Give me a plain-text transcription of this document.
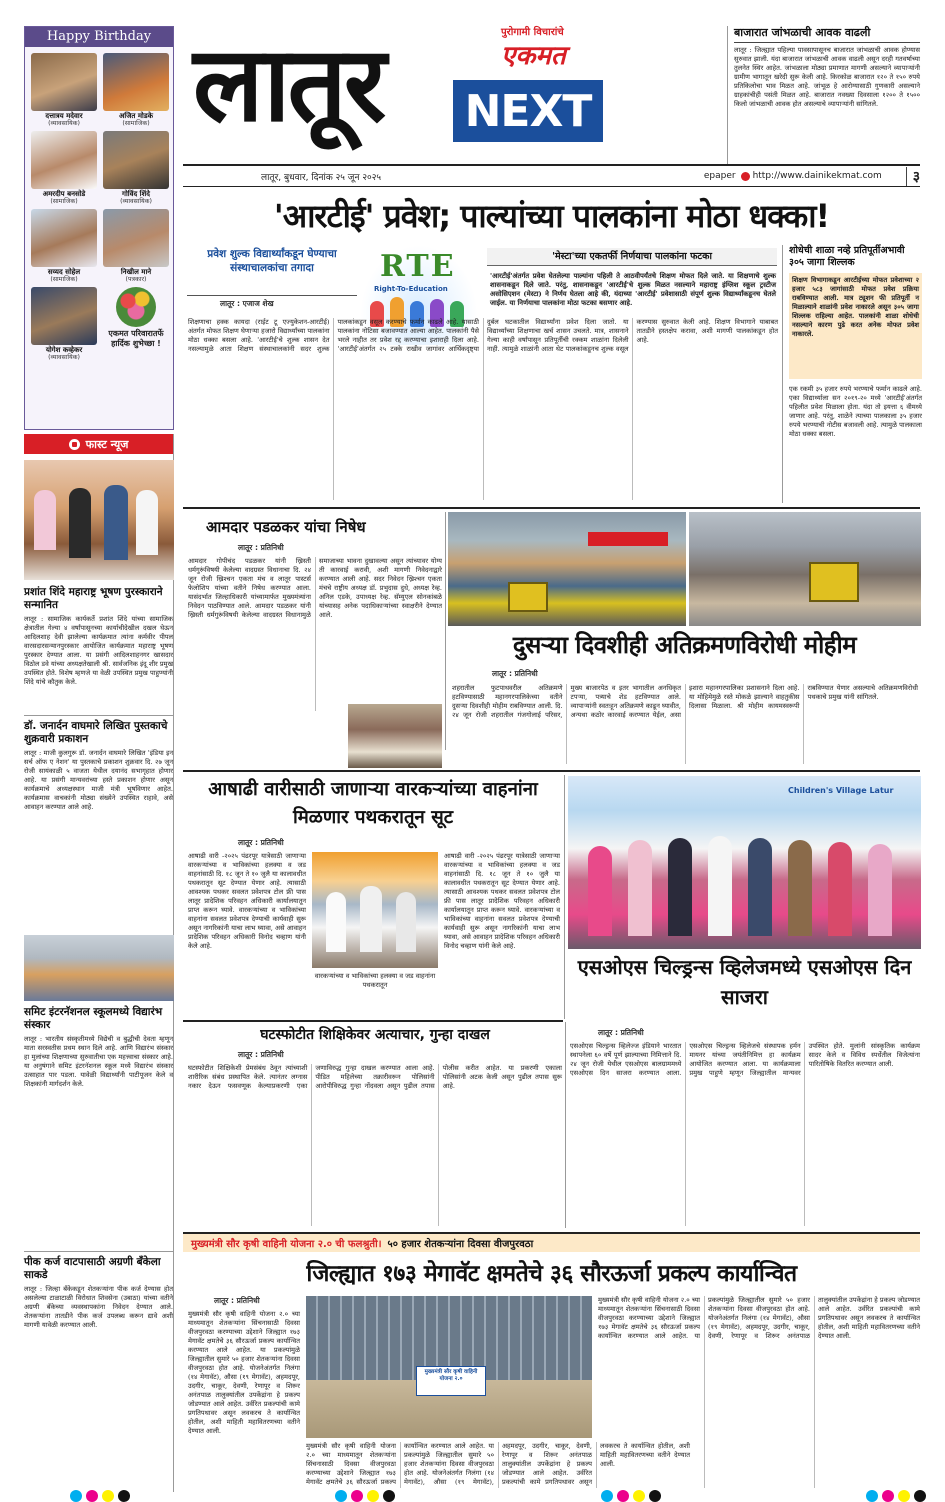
Happy Birthday
दत्तात्रय मदेवार
(व्यावसायिक)
अजित मोडके
(सामाजिक)
अमरदीप बनसोडे
(सामाजिक)
गोविंद शिंदे
(व्यावसायिक)
सय्यद सोहेल
(सामाजिक)
निखील माने
(पत्रकार)
योगेश कव्हेकर
(व्यावसायिक)
एकमत परिवारातर्फे हार्दिक शुभेच्छा !
फास्ट न्यूज
प्रशांत शिंदे महाराष्ट्र भूषण पुरस्काराने सन्मानित
लातूर : सामाजिक कार्यकर्ते प्रशांत शिंदे यांच्या सामाजिक क्षेत्रातील गेल्या ४ वर्षांपासूनच्या कार्याचीदेखील दखल घेऊन आदिलशाह देवी झालेल्या कार्यक्रमात त्यांना कर्मवीर पीपल वारसदारसन्मानपुरस्कार आयोजित कार्यक्रमात महाराष्ट्र भूषण पुरस्कार देण्यात आला. या प्रसंगी आदिलशाहनगर खासदार विठोल डवे यांच्या अध्यक्षतेखाली श्री. सार्वजनिक इंदू शीर प्रमुख उपस्थित होते. विशेष म्हणजे या वेळी उपस्थित प्रमुख पाहुण्यांनी शिंदे यांचे कौतुक केले.
डॉ. जनार्दन वाघमारे लिखित पुस्तकाचे शुक्रवारी प्रकाशन
लातूर : माजी कुलगुरू डॉ. जनार्दन वाघमारे लिखित 'इंडिया इन सर्च ऑफ ए नेशन' या पुस्तकाचे प्रकाशन शुक्रवार दि. २७ जून रोजी सायंकाळी ५ वाजता येथील दयानंद सभागृहात होणार आहे. या प्रसंगी मान्यवरांच्या हस्ते प्रकाशन होणार असून कार्यक्रमाचे अध्यक्षस्थान माजी मंत्री भूषविणार आहेत. कार्यक्रमास वाचकांनी मोठ्या संख्येने उपस्थित राहावे, असे आवाहन करण्यात आले आहे.
समिट इंटरनॅशनल स्कूलमध्ये विद्यारंभ संस्कार
लातूर : भारतीय संस्कृतीमध्ये विद्येची व बुद्धीची देवता म्हणून माता सरस्वतीस प्रथम स्थान दिले आहे. आणि विद्यारंभ संस्कार हा मुलांच्या शिक्षणाच्या सुरुवातीचा एक महत्त्वाचा संस्कार आहे. या अनुषंगाने समिट इंटरनॅशनल स्कूल मध्ये विद्यारंभ संस्कार उत्साहात पार पडला. यावेळी विद्यार्थ्यांनी पाटीपूजन केले व शिक्षकांनी मार्गदर्शन केले.
पीक कर्ज वाटपासाठी अग्रणी बँकेला साकडे
लातूर : जिल्हा बँकेकडून शेतकऱ्यांना पीक कर्ज देण्यास होत असलेल्या टाळाटाळी विरोधात शिवसेना (उबाठा) यांच्या वतीने अग्रणी बँकेच्या व्यवस्थापकांना निवेदन देण्यात आले. शेतकऱ्यांना तातडीने पीक कर्ज उपलब्ध करून द्यावे अशी मागणी यावेळी करण्यात आली.
लातूर NEXT
पुरोगामी विचारांचे
एकमत
बाजारात जांभळाची आवक वाढली
लातूर : जिल्ह्यात पहिल्या पावसापासूनच बाजारात जांभळाची आवक होण्यास सुरुवात झाली. यंदा बाजारात जांभळाची आवक वाढली असून दरही गतवर्षाच्या तुलनेत स्थिर आहेत. जांभळाला मोठ्या प्रमाणात मागणी असल्याने व्यापाऱ्यांनी ग्रामीण भागातून खरेदी सुरू केली आहे. किरकोळ बाजारात १२० ते १५० रुपये प्रतिकिलोचा भाव मिळत आहे. जांभूळ हे आरोग्यासाठी गुणकारी असल्याने ग्राहकांचीही पसंती मिळत आहे. बाजारात नवख्या दिवसाला १२०० ते १५०० किलो जांभळाची आवक होत असल्याचे व्यापाऱ्यांनी सांगितले.
लातूर, बुधवार, दिनांक २५ जून २०२५	epaper http://www.dainikekmat.com	३
'आरटीई' प्रवेश; पाल्यांच्या पालकांना मोठा धक्का!
प्रवेश शुल्क विद्यार्थ्यांकडून घेण्याचा संस्थाचालकांचा तगादा
लातूर : एजाज शेख
RTE
Right-To-Education
'मेस्टा'च्या एकतर्फी निर्णयाचा पालकांना फटका
'आरटीई'अंतर्गत प्रवेश घेतलेल्या पाल्यांना पहिली ते आठवीपर्यंतचे शिक्षण मोफत दिले जाते. या शिक्षणाचे शुल्क शासनाकडून दिले जाते. परंतु, शासनाकडून 'आरटीई'चे शुल्क मिळत नसल्याने महाराष्ट्र इंग्लिश स्कूल ट्रस्टीज असोसिएशन (मेस्टा) ने निर्णय घेतला आहे की, यंदाच्या 'आरटीई' प्रवेशासाठी संपूर्ण शुल्क विद्यार्थ्यांकडूनच घेतले जाईल. या निर्णयाचा पालकांना मोठा फटका बसणार आहे.
शिक्षणाचा हक्क कायदा (राईट टू एज्युकेशन-आरटीई) अंतर्गत मोफत शिक्षण घेणाऱ्या हजारो विद्यार्थ्यांच्या पालकांना मोठा धक्का बसला आहे. 'आरटीई'चे शुल्क शासन देत नसल्यामुळे आता शिक्षण संस्थाचालकांनी सदर शुल्क पालकांकडून वसूल करण्याचे फर्मान काढले आहे. यासाठी पालकांना नोटिसा बजावण्यात आल्या आहेत. पालकांनी पैसे भरले नाहीत तर प्रवेश रद्द करण्याचा इशाराही दिला आहे. 'आरटीई'अंतर्गत २५ टक्के राखीव जागांवर आर्थिकदृष्ट्या दुर्बल घटकातील विद्यार्थ्यांना प्रवेश दिला जातो. या विद्यार्थ्यांच्या शिक्षणाचा खर्च शासन उचलते. मात्र, शासनाने गेल्या काही वर्षांपासून प्रतिपूर्तीची रक्कम शाळांना दिलेली नाही. त्यामुळे शाळांनी आता थेट पालकांकडूनच शुल्क वसूल करण्यास सुरुवात केली आहे. शिक्षण विभागाने याबाबत तातडीने हस्तक्षेप करावा, अशी मागणी पालकांकडून होत आहे.
शोधेची शाळा नव्हे प्रतिपूर्तीअभावी ३०५ जागा शिल्लक
शिक्षण विभागाकडून आरटीईच्या मोफत प्रवेशाच्या २ हजार ५८३ जागांसाठी मोफत प्रवेश प्रक्रिया राबविण्यात आली. मात्र ट्यूशन फी प्रतिपूर्ती न मिळाल्याने शाळांनी प्रवेश नाकारले असून ३०५ जागा शिल्लक राहिल्या आहेत. पालकांनी शाळा शोधेची नसल्याने कारण पुढे करत अनेक मोफत प्रवेश नाकारले.
एक रकमी ३५ हजार रुपये भरण्याचे फर्मान काढले आहे. एका विद्यार्थ्याला सन २०१९-२० मध्ये 'आरटीई'अंतर्गत पहिलीत प्रवेश मिळाला होता. यंदा तो इयत्ता ६ वीमध्ये जाणार आहे. परंतु, शाळेने त्याच्या पालकाला ३५ हजार रुपये भरण्याची नोटीस बजावली आहे. त्यामुळे पालकाला मोठा धक्का बसला.
आमदार पडळकर यांचा निषेध
लातूर : प्रतिनिधी
आमदार गोपीचंद पडळकर यांनी ख्रिस्ती धर्मगुरूंविषयी केलेल्या वादग्रस्त विधानाचा दि. २४ जून रोजी ख्रिश्चन एकता मंच व लातूर पास्टर्स फेलोशिप यांच्या वतीने निषेध करण्यात आला. यासंदर्भात जिल्हाधिकारी यांच्यामार्फत मुख्यमंत्र्यांना निवेदन पाठविण्यात आले. आमदार पडळकर यांनी ख्रिस्ती धर्मगुरूंविषयी केलेल्या वादग्रस्त विधानामुळे समाजाच्या भावना दुखावल्या असून त्यांच्यावर योग्य ती कारवाई करावी, अशी मागणी निवेदनाद्वारे करण्यात आली आहे. सदर निवेदन ख्रिश्चन एकता मंचचे राष्ट्रीय अध्यक्ष डॉ. प्रभुदास दुधे, अध्यक्ष रेव्ह. अनिल एडके, उपाध्यक्ष रेव्ह. सॅम्युएल सोनकांबळे यांच्यासह अनेक पदाधिकाऱ्यांच्या स्वाक्षरीने देण्यात आले.
दुसऱ्या दिवशीही अतिक्रमणविरोधी मोहीम
लातूर : प्रतिनिधी
शहरातील फुटपाथवरील अतिक्रमणे हटविण्यासाठी महानगरपालिकेच्या वतीने दुसऱ्या दिवशीही मोहीम राबविण्यात आली. दि. २४ जून रोजी शहरातील गंजगोलाई परिसर, मुख्य बाजारपेठ व इतर भागातील अनधिकृत टपऱ्या, पत्र्याचे शेड हटविण्यात आले. व्यापाऱ्यांनी स्वतःहून अतिक्रमणे काढून घ्यावीत, अन्यथा कठोर कारवाई करण्यात येईल, असा इशारा महानगरपालिका प्रशासनाने दिला आहे. या मोहिमेमुळे रस्ते मोकळे झाल्याने वाहतुकीस दिलासा मिळाला. श्री मोहीम कायमस्वरूपी राबविण्यात येणार असल्याचे अतिक्रमणविरोधी पथकाचे प्रमुख यांनी सांगितले.
आषाढी वारीसाठी जाणाऱ्या वारकऱ्यांच्या वाहनांना मिळणार पथकरातून सूट
लातूर : प्रतिनिधी
आषाढी वारी -२०२५ पंढरपूर यात्रेसाठी जाणाऱ्या वारकऱ्यांच्या व भाविकांच्या हलक्या व जड वाहनांसाठी दि. १८ जून ते १० जुलै या कालावधीत पथकरातून सूट देण्यात येणार आहे. त्यासाठी आवश्यक पथकर सवलत प्रवेशपत्र टोल फ्री पास लातूर प्रादेशिक परिवहन अधिकारी कार्यालयातून प्राप्त करून घ्यावे. वारकऱ्यांच्या व भाविकांच्या वाहनांना सवलत प्रवेशपत्र देण्याची कार्यवाही सुरू असून नागरिकांनी याचा लाभ घ्यावा, असे आवाहन प्रादेशिक परिवहन अधिकारी विनोद चव्हाण यांनी केले आहे.
वारकऱ्यांच्या व भाविकांच्या हलक्या व जड वाहनांना पथकरातून
आषाढी वारी -२०२५ पंढरपूर यात्रेसाठी जाणाऱ्या वारकऱ्यांच्या व भाविकांच्या हलक्या व जड वाहनांसाठी दि. १८ जून ते १० जुलै या कालावधीत पथकरातून सूट देण्यात येणार आहे. त्यासाठी आवश्यक पथकर सवलत प्रवेशपत्र टोल फ्री पास लातूर प्रादेशिक परिवहन अधिकारी कार्यालयातून प्राप्त करून घ्यावे. वारकऱ्यांच्या व भाविकांच्या वाहनांना सवलत प्रवेशपत्र देण्याची कार्यवाही सुरू असून नागरिकांनी याचा लाभ घ्यावा, असे आवाहन प्रादेशिक परिवहन अधिकारी विनोद चव्हाण यांनी केले आहे.
Children's Village Latur
एसओएस चिल्ड्रन्स व्हिलेजमध्ये एसओएस दिन साजरा
घटस्फोटीत शिक्षिकेवर अत्याचार, गुन्हा दाखल
लातूर : प्रतिनिधी
घटस्फोटीत शिक्षिकेशी प्रेमसंबंध ठेवून त्यांच्याशी शारीरिक संबंध प्रस्थापित केले. त्यानंतर लग्नास नकार देऊन फसवणूक केल्याप्रकरणी एका जणाविरुद्ध गुन्हा दाखल करण्यात आला आहे. पीडित महिलेच्या तक्रारीवरून पोलिसांनी आरोपीविरुद्ध गुन्हा नोंदवला असून पुढील तपास पोलीस करीत आहेत. या प्रकरणी एकाला पोलिसांनी अटक केली असून पुढील तपास सुरू आहे.
लातूर : प्रतिनिधी
एसओएस चिल्ड्रन्स व्हिलेज्ज इंडियाने भारतात स्थापनेला ६० वर्षे पूर्ण झाल्याच्या निमित्ताने दि. २४ जून रोजी येथील एसओएस बालग्राममध्ये एसओएस दिन साजरा करण्यात आला. एसओएस चिल्ड्रन्स व्हिलेजचे संस्थापक हर्मन मायनर यांच्या जयंतीनिमित्त हा कार्यक्रम आयोजित करण्यात आला. या कार्यक्रमाला प्रमुख पाहुणे म्हणून जिल्ह्यातील मान्यवर उपस्थित होते. मुलांनी सांस्कृतिक कार्यक्रम सादर केले व विविध स्पर्धेतील विजेत्यांना पारितोषिके वितरित करण्यात आली.
मुख्यमंत्री सौर कृषी वाहिनी योजना २.० ची फलश्रुती। ५० हजार शेतकऱ्यांना दिवसा वीजपुरवठा
जिल्ह्यात १७३ मेगावॅट क्षमतेचे ३६ सौरऊर्जा प्रकल्प कार्यान्वित
लातूर : प्रतिनिधी
मुख्यमंत्री सौर कृषी वाहिनी योजना २.० च्या माध्यमातून शेतकऱ्यांना सिंचनासाठी दिवसा वीजपुरवठा करण्याच्या उद्देशाने जिल्ह्यात १७३ मेगावॅट क्षमतेचे ३६ सौरऊर्जा प्रकल्प कार्यान्वित करण्यात आले आहेत. या प्रकल्पांमुळे जिल्ह्यातील सुमारे ५० हजार शेतकऱ्यांना दिवसा वीजपुरवठा होत आहे. योजनेअंतर्गत निलंगा (१४ मेगावॅट), औसा (१९ मेगावॅट), अहमदपूर, उदगीर, चाकूर, देवणी, रेणापूर व शिरूर अनंतपाळ तालुक्यांतील उपकेंद्रांना हे प्रकल्प जोडण्यात आले आहेत. उर्वरित प्रकल्पांची कामे प्रगतिपथावर असून लवकरच ते कार्यान्वित होतील, अशी माहिती महावितरणच्या वतीने देण्यात आली.
मुख्यमंत्री सौर कृषी वाहिनी योजना २.०
मुख्यमंत्री सौर कृषी वाहिनी योजना २.० च्या माध्यमातून शेतकऱ्यांना सिंचनासाठी दिवसा वीजपुरवठा करण्याच्या उद्देशाने जिल्ह्यात १७३ मेगावॅट क्षमतेचे ३६ सौरऊर्जा प्रकल्प कार्यान्वित करण्यात आले आहेत. या प्रकल्पांमुळे जिल्ह्यातील सुमारे ५० हजार शेतकऱ्यांना दिवसा वीजपुरवठा होत आहे. योजनेअंतर्गत निलंगा (१४ मेगावॅट), औसा (१९ मेगावॅट), अहमदपूर, उदगीर, चाकूर, देवणी, रेणापूर व शिरूर अनंतपाळ तालुक्यांतील उपकेंद्रांना हे प्रकल्प जोडण्यात आले आहेत. उर्वरित प्रकल्पांची कामे प्रगतिपथावर असून लवकरच ते कार्यान्वित होतील, अशी माहिती महावितरणच्या वतीने देण्यात आली.
मुख्यमंत्री सौर कृषी वाहिनी योजना २.० च्या माध्यमातून शेतकऱ्यांना सिंचनासाठी दिवसा वीजपुरवठा करण्याच्या उद्देशाने जिल्ह्यात १७३ मेगावॅट क्षमतेचे ३६ सौरऊर्जा प्रकल्प कार्यान्वित करण्यात आले आहेत. या प्रकल्पांमुळे जिल्ह्यातील सुमारे ५० हजार शेतकऱ्यांना दिवसा वीजपुरवठा होत आहे. योजनेअंतर्गत निलंगा (१४ मेगावॅट), औसा (१९ मेगावॅट), अहमदपूर, उदगीर, चाकूर, देवणी, रेणापूर व शिरूर अनंतपाळ तालुक्यांतील उपकेंद्रांना हे प्रकल्प जोडण्यात आले आहेत. उर्वरित प्रकल्पांची कामे प्रगतिपथावर असून लवकरच ते कार्यान्वित होतील, अशी माहिती महावितरणच्या वतीने देण्यात आली.
